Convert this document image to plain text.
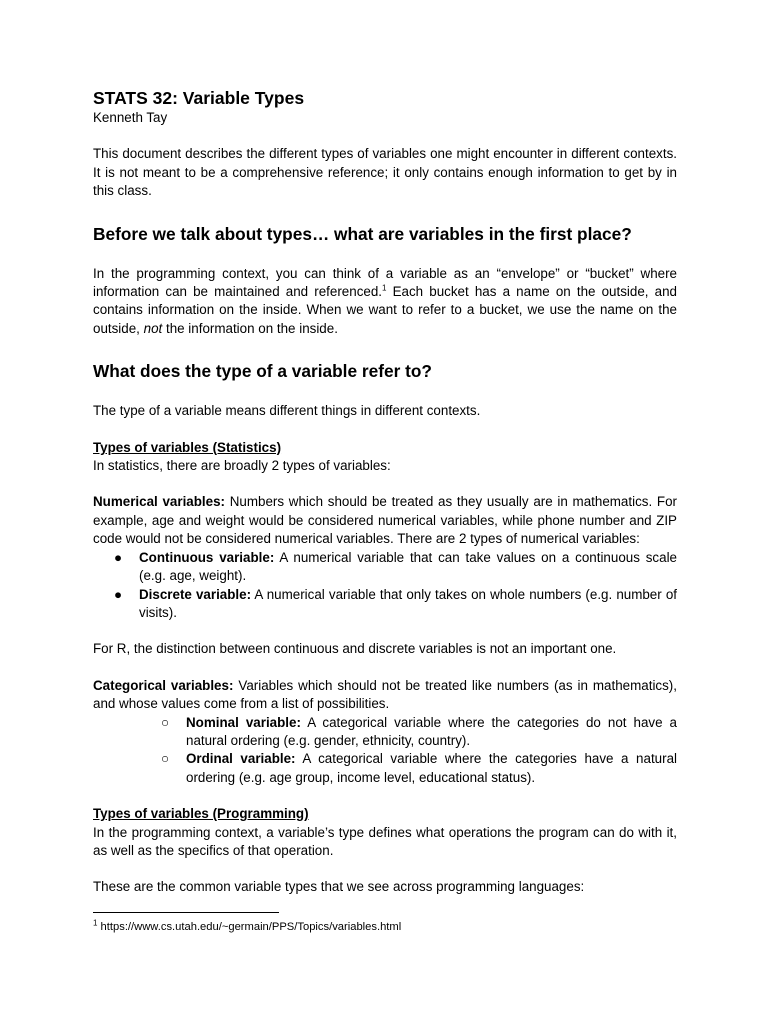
STATS 32: Variable Types

Kenneth Tay

This document describes the different types of variables one might encounter in different contexts. It is not meant to be a comprehensive reference; it only contains enough information to get by in this class.

Before we talk about types… what are variables in the first place?

In the programming context, you can think of a variable as an “envelope” or “bucket” where information can be maintained and referenced.$^1$ Each bucket has a name on the outside, and contains information on the inside. When we want to refer to a bucket, we use the name on the outside, not the information on the inside.

What does the type of a variable refer to?

The type of a variable means different things in different contexts.

Types of variables (Statistics)

In statistics, there are broadly 2 types of variables:

Numerical variables: Numbers which should be treated as they usually are in mathematics. For example, age and weight would be considered numerical variables, while phone number and ZIP code would not be considered numerical variables. There are 2 types of numerical variables:

● Continuous variable: A numerical variable that can take values on a continuous scale (e.g. age, weight).
● Discrete variable: A numerical variable that only takes on whole numbers (e.g. number of visits).

For R, the distinction between continuous and discrete variables is not an important one.

Categorical variables: Variables which should not be treated like numbers (as in mathematics), and whose values come from a list of possibilities.

○ Nominal variable: A categorical variable where the categories do not have a natural ordering (e.g. gender, ethnicity, country).
○ Ordinal variable: A categorical variable where the categories have a natural ordering (e.g. age group, income level, educational status).

Types of variables (Programming)

In the programming context, a variable’s type defines what operations the program can do with it, as well as the specifics of that operation.

These are the common variable types that we see across programming languages:

$^1$ https://www.cs.utah.edu/~germain/PPS/Topics/variables.html
